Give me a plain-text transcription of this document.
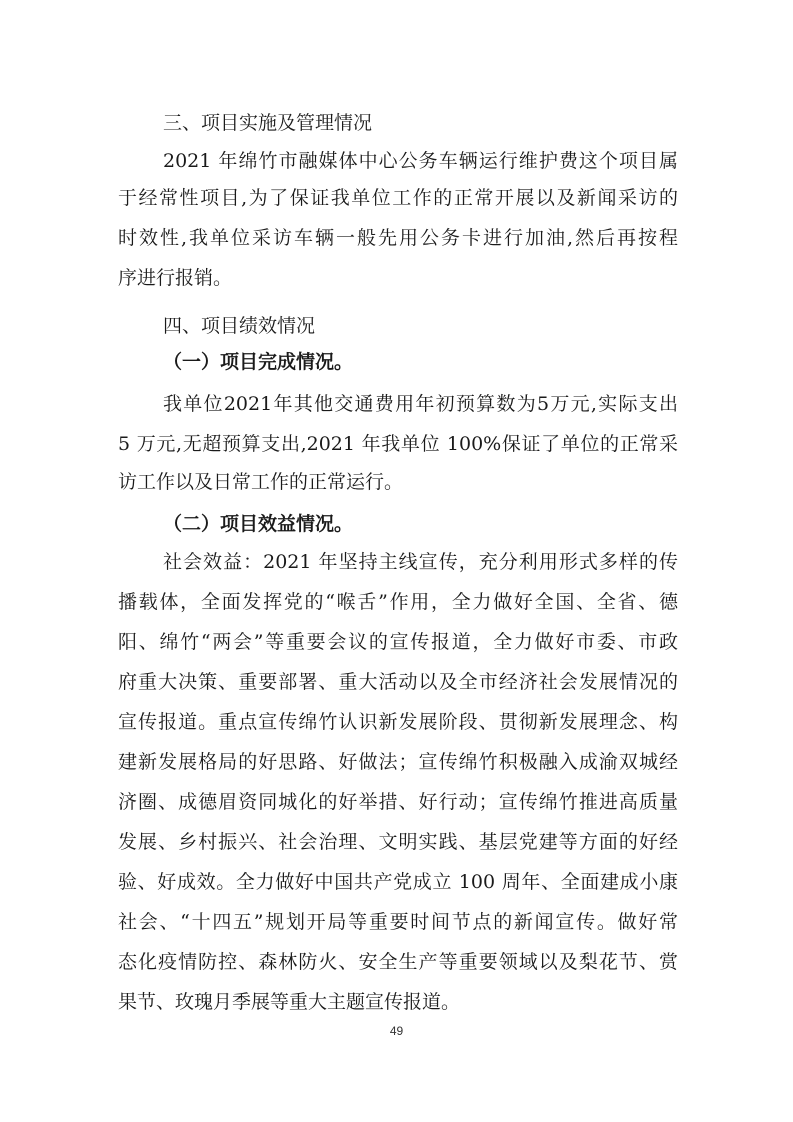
三、项目实施及管理情况
2021 年绵竹市融媒体中心公务车辆运行维护费这个项目属
于经常性项目,为了保证我单位工作的正常开展以及新闻采访的
时效性,我单位采访车辆一般先用公务卡进行加油,然后再按程
序进行报销。
四、项目绩效情况
（一）项目完成情况。
我单位2021年其他交通费用年初预算数为5万元,实际支出
5 万元,无超预算支出,2021 年我单位 100%保证了单位的正常采
访工作以及日常工作的正常运行。
（二）项目效益情况。
社会效益：2021 年坚持主线宣传，充分利用形式多样的传
播载体，全面发挥党的“喉舌”作用，全力做好全国、全省、德
阳、绵竹“两会”等重要会议的宣传报道，全力做好市委、市政
府重大决策、重要部署、重大活动以及全市经济社会发展情况的
宣传报道。重点宣传绵竹认识新发展阶段、贯彻新发展理念、构
建新发展格局的好思路、好做法；宣传绵竹积极融入成渝双城经
济圈、成德眉资同城化的好举措、好行动；宣传绵竹推进高质量
发展、乡村振兴、社会治理、文明实践、基层党建等方面的好经
验、好成效。全力做好中国共产党成立 100 周年、全面建成小康
社会、“十四五”规划开局等重要时间节点的新闻宣传。做好常
态化疫情防控、森林防火、安全生产等重要领域以及梨花节、赏
果节、玫瑰月季展等重大主题宣传报道。
49
